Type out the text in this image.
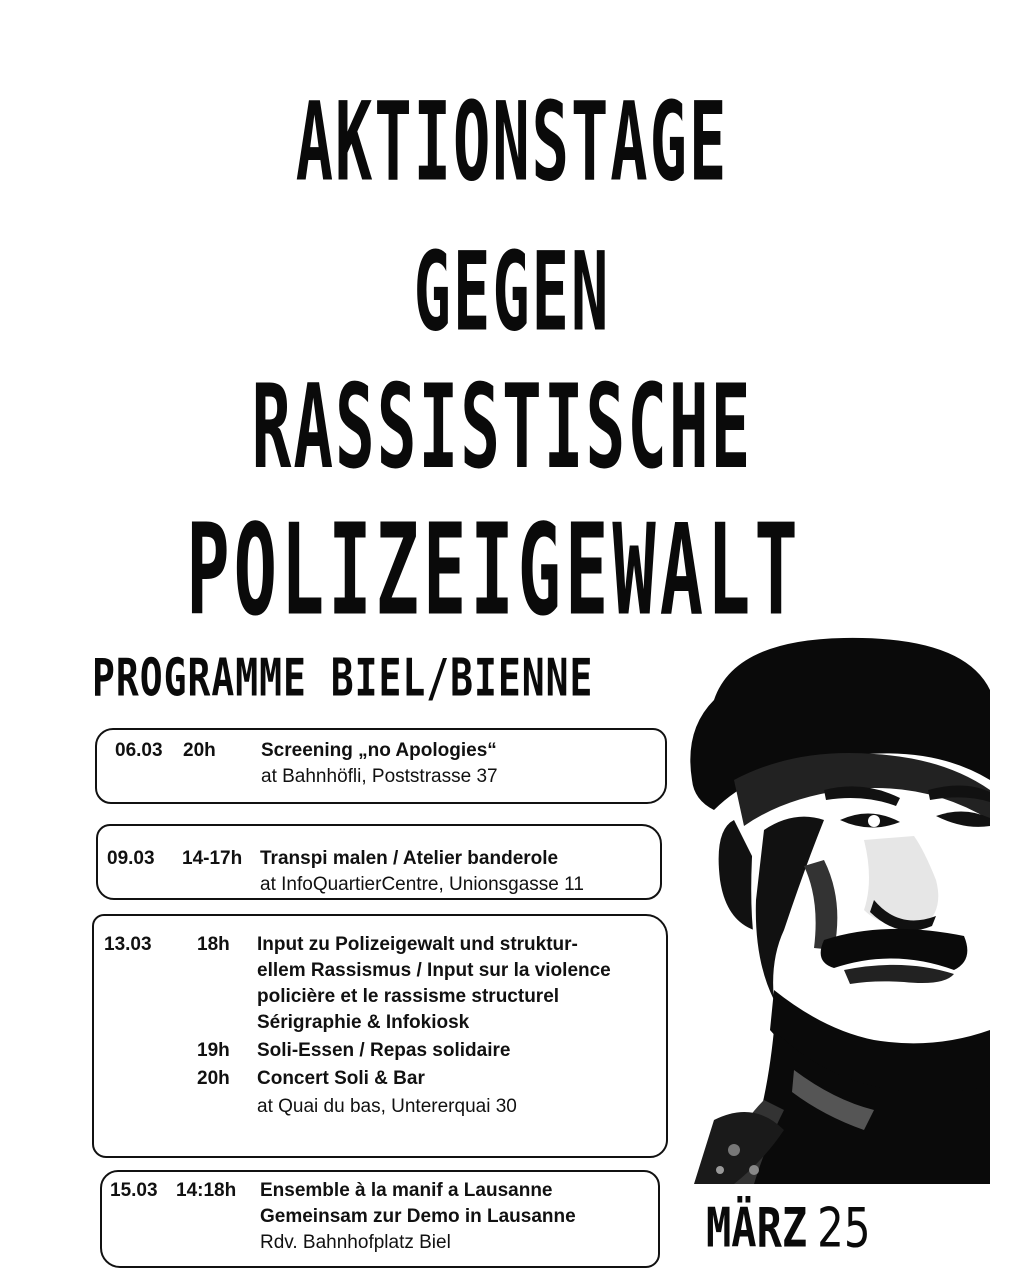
AKTIONSTAGE
GEGEN
RASSISTISCHE
POLIZEIGEWALT
PROGRAMME BIEL/BIENNE
06.03 20h Screening „no Apologies“
at Bahnhöfli, Poststrasse 37
09.03 14-17h Transpi malen / Atelier banderole
at InfoQuartierCentre, Unionsgasse 11
13.03 18h Input zu Polizeigewalt und struktur-
ellem Rassismus / Input sur la violence
policière et le rassisme structurel
Sérigraphie & Infokiosk
19h Soli-Essen / Repas solidaire
20h Concert Soli & Bar
at Quai du bas, Untererquai 30
15.03 14:18h Ensemble à la manif a Lausanne
Gemeinsam zur Demo in Lausanne
Rdv. Bahnhofplatz Biel	MÄRZ 25
